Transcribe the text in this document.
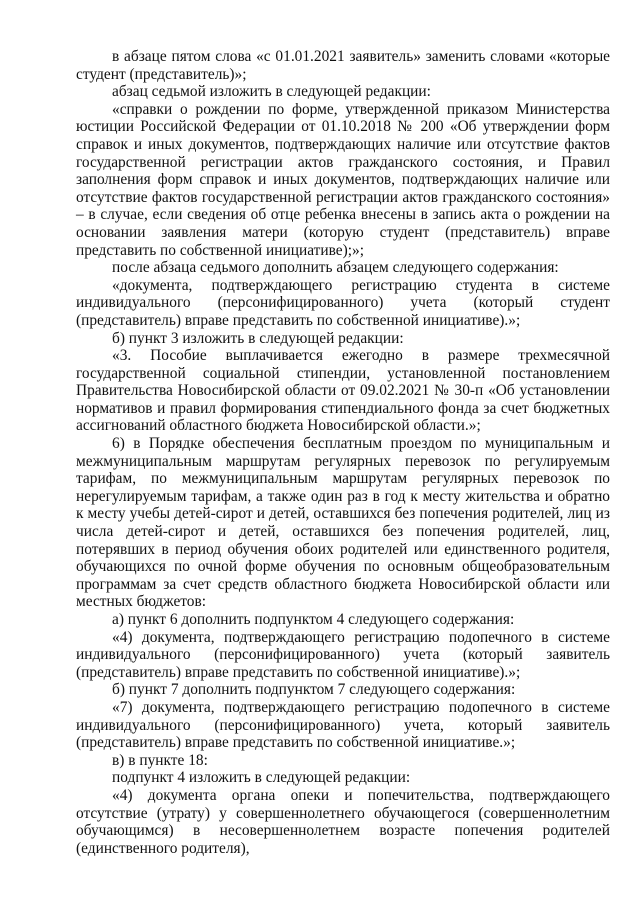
в абзаце пятом слова «с 01.01.2021 заявитель» заменить словами «которые студент (представитель)»;

абзац седьмой изложить в следующей редакции:

«справки о рождении по форме, утвержденной приказом Министерства юстиции Российской Федерации от 01.10.2018 № 200 «Об утверждении форм справок и иных документов, подтверждающих наличие или отсутствие фактов государственной регистрации актов гражданского состояния, и Правил заполнения форм справок и иных документов, подтверждающих наличие или отсутствие фактов государственной регистрации актов гражданского состояния» – в случае, если сведения об отце ребенка внесены в запись акта о рождении на основании заявления матери (которую студент (представитель) вправе представить по собственной инициативе);»;

после абзаца седьмого дополнить абзацем следующего содержания:

«документа, подтверждающего регистрацию студента в системе индивидуального (персонифицированного) учета (который студент (представитель) вправе представить по собственной инициативе).»;

б) пункт 3 изложить в следующей редакции:

«3. Пособие выплачивается ежегодно в размере трехмесячной государственной социальной стипендии, установленной постановлением Правительства Новосибирской области от 09.02.2021 № 30-п «Об установлении нормативов и правил формирования стипендиального фонда за счет бюджетных ассигнований областного бюджета Новосибирской области.»;

6) в Порядке обеспечения бесплатным проездом по муниципальным и межмуниципальным маршрутам регулярных перевозок по регулируемым тарифам, по межмуниципальным маршрутам регулярных перевозок по нерегулируемым тарифам, а также один раз в год к месту жительства и обратно к месту учебы детей-сирот и детей, оставшихся без попечения родителей, лиц из числа детей-сирот и детей, оставшихся без попечения родителей, лиц, потерявших в период обучения обоих родителей или единственного родителя, обучающихся по очной форме обучения по основным общеобразовательным программам за счет средств областного бюджета Новосибирской области или местных бюджетов:

а) пункт 6 дополнить подпунктом 4 следующего содержания:

«4) документа, подтверждающего регистрацию подопечного в системе индивидуального (персонифицированного) учета (который заявитель (представитель) вправе представить по собственной инициативе).»;

б) пункт 7 дополнить подпунктом 7 следующего содержания:

«7) документа, подтверждающего регистрацию подопечного в системе индивидуального (персонифицированного) учета, который заявитель (представитель) вправе представить по собственной инициативе.»;

в) в пункте 18:

подпункт 4 изложить в следующей редакции:

«4) документа органа опеки и попечительства, подтверждающего отсутствие (утрату) у совершеннолетнего обучающегося (совершеннолетним обучающимся) в несовершеннолетнем возрасте попечения родителей (единственного родителя),
